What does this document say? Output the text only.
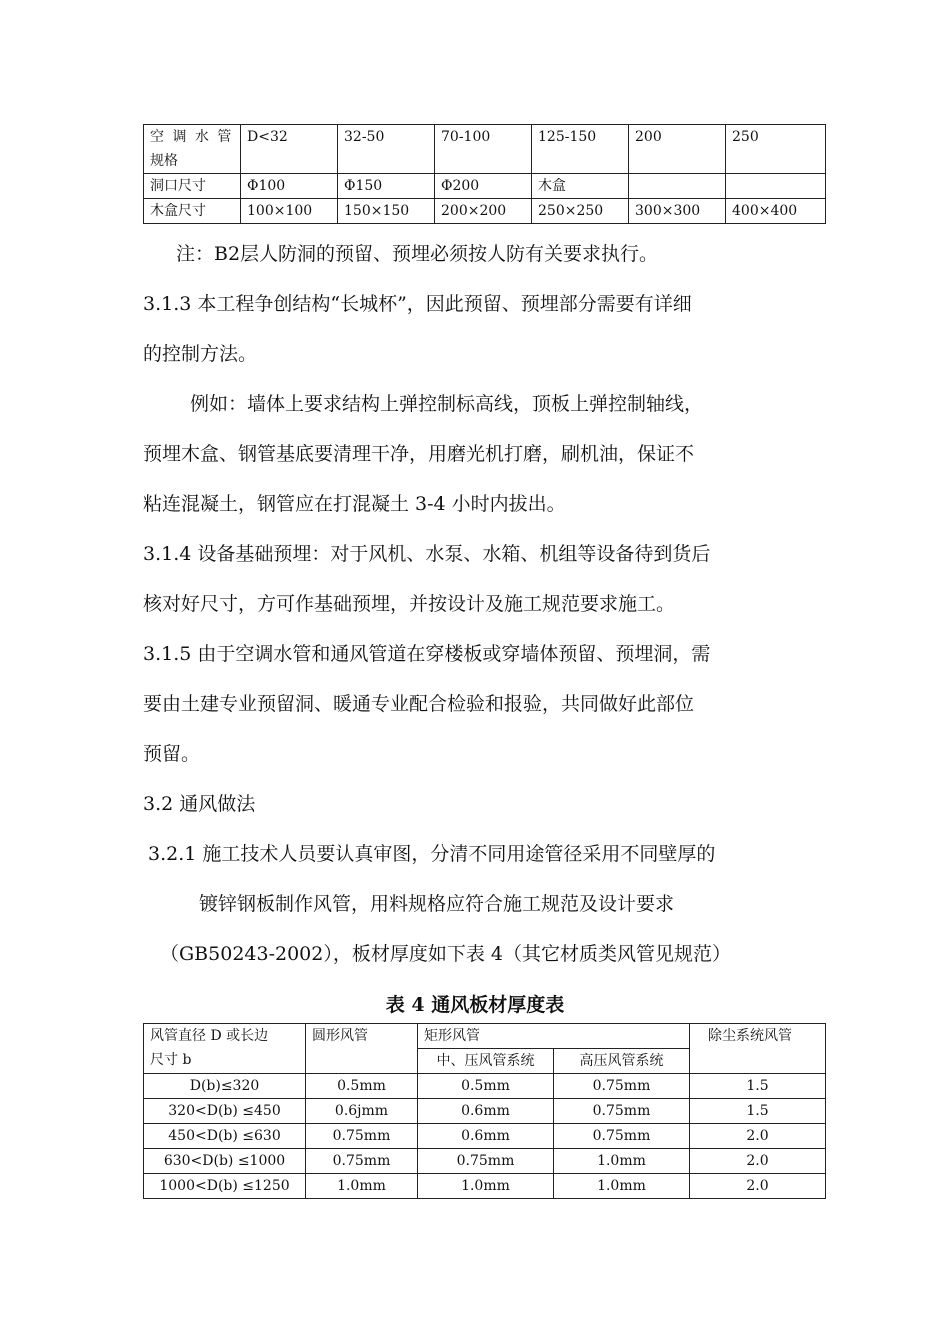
空 调 水 管
规格	D<32	32-50	70-100	125-150	200	250
洞口尺寸	Φ100	Φ150	Φ200	木盒		
木盒尺寸	100×100	150×150	200×200	250×250	300×300	400×400
注：B2层人防洞的预留、预埋必须按人防有关要求执行。
3.1.3 本工程争创结构“长城杯”，因此预留、预埋部分需要有详细
的控制方法。
例如：墙体上要求结构上弹控制标高线，顶板上弹控制轴线，
预埋木盒、钢管基底要清理干净，用磨光机打磨，刷机油，保证不
粘连混凝土，钢管应在打混凝土 3-4 小时内拔出。
3.1.4 设备基础预埋：对于风机、水泵、水箱、机组等设备待到货后
核对好尺寸，方可作基础预埋，并按设计及施工规范要求施工。
3.1.5 由于空调水管和通风管道在穿楼板或穿墙体预留、预埋洞，需
要由土建专业预留洞、暖通专业配合检验和报验，共同做好此部位
预留。
3.2 通风做法
3.2.1 施工技术人员要认真审图，分清不同用途管径采用不同壁厚的
镀锌钢板制作风管，用料规格应符合施工规范及设计要求
（GB50243-2002），板材厚度如下表 4（其它材质类风管见规范）
表 4 通风板材厚度表
风管直径 D 或长边
尺寸 b	圆形风管	矩形风管		除尘系统风管
		中、压风管系统	高压风管系统	
D(b)≤320	0.5mm	0.5mm	0.75mm	1.5
320<D(b) ≤450	0.6jmm	0.6mm	0.75mm	1.5
450<D(b) ≤630	0.75mm	0.6mm	0.75mm	2.0
630<D(b) ≤1000	0.75mm	0.75mm	1.0mm	2.0
1000<D(b) ≤1250	1.0mm	1.0mm	1.0mm	2.0
